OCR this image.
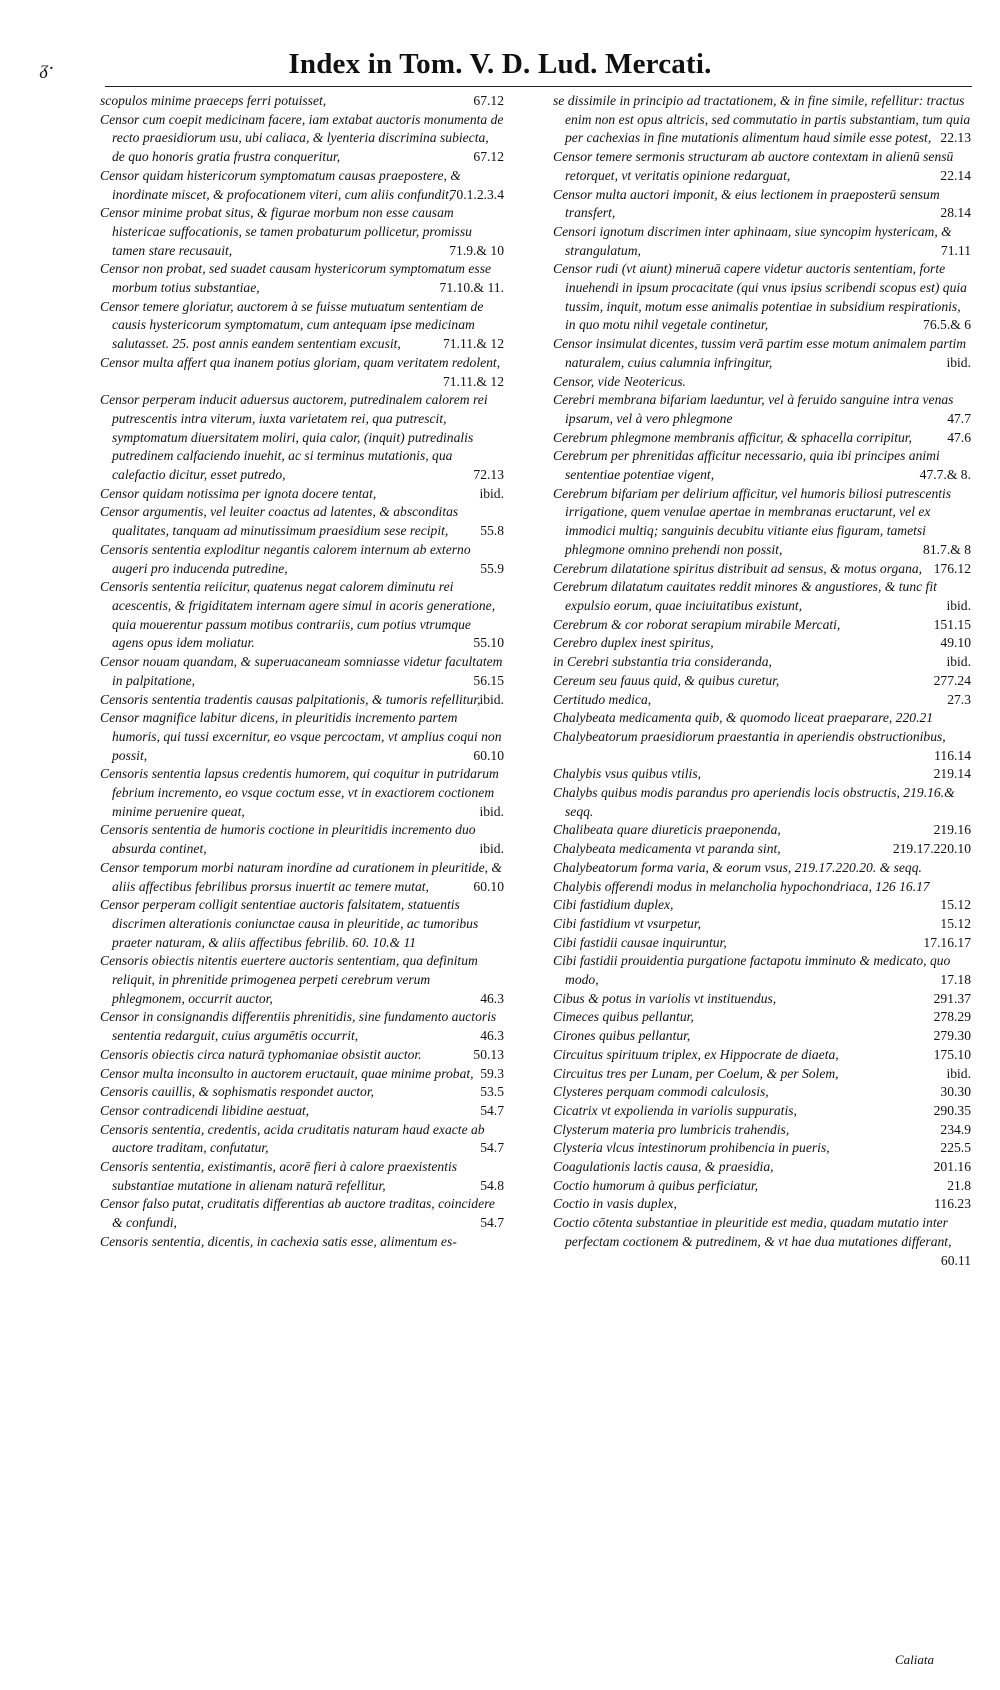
ᵹ·	Index in Tom. V. D. Lud. Mercati.

scopulos minime praeceps ferri potuisset,	67.12

Censor cum coepit medicinam facere, iam extabat auctoris monumenta de recto praesidiorum usu, ubi caliaca, & lyenteria discrimina subiecta, de quo honoris gratia frustra conqueritur,	67.12

Censor quidam histericorum symptomatum causas praepostere, & inordinate miscet, & profocationem viteri, cum aliis confundit,
70.1.2.3.4

Censor minime probat situs, & figurae morbum non esse causam histericae suffocationis, se tamen probaturum pollicetur, promissu tamen stare recusauit,	71.9.& 10

Censor non probat, sed suadet causam hystericorum symptomatum esse morbum totius substantiae,	71.10.& 11.

Censor temere gloriatur, auctorem à se fuisse mutuatum sententiam de causis hystericorum symptomatum, cum antequam ipse medicinam salutasset. 25. post annis eandem sententiam excusit,	71.11.& 12

Censor multa affert qua inanem potius gloriam, quam veritatem redolent,
71.11.& 12

Censor perperam inducit aduersus auctorem, putredinalem calorem rei putrescentis intra viterum, iuxta varietatem rei, qua putrescit, symptomatum diuersitatem moliri, quia calor, (inquit) putredinalis putredinem calfaciendo inuehit, ac si terminus mutationis, qua calefactio dicitur, esset putredo,	72.13

Censor quidam notissima per ignota docere tentat,	ibid.

Censor argumentis, vel leuiter coactus ad latentes, & absconditas qualitates, tanquam ad minutissimum praesidium sese recipit, 55.8

Censoris sententia exploditur negantis calorem internum ab externo augeri pro inducenda putredine,	55.9

Censoris sententia reiicitur, quatenus negat calorem diminutu rei acescentis, & frigiditatem internam agere simul in acoris generatione, quia mouerentur passum motibus contrariis, cum potius vtrumque agens opus idem moliatur.	55.10

Censor nouam quandam, & superuacaneam somniasse videtur facultatem in palpitatione,	56.15

Censoris sententia tradentis causas palpitationis, & tumoris refellitur,
ibid.

Censor magnifice labitur dicens, in pleuritidis incremento partem humoris, qui tussi excernitur, eo vsque percoctam, vt amplius coqui non possit,	60.10

Censoris sententia lapsus credentis humorem, qui coquitur in putridarum febrium incremento, eo vsque coctum esse, vt in exactiorem coctionem minime peruenire queat,	ibid.

Censoris sententia de humoris coctione in pleuritidis incremento duo absurda continet,	ibid.

Censor temporum morbi naturam inordine ad curationem in pleuritide, & aliis affectibus febrilibus prorsus inuertit ac temere mutat,	60.10

Censor perperam colligit sententiae auctoris falsitatem, statuentis discrimen alterationis coniunctae causa in pleuritide, ac tumoribus praeter naturam, & aliis affectibus febrilib. 60. 10.& 11

Censoris obiectis nitentis euertere auctoris sententiam, qua definitum reliquit, in phrenitide primogenea perpeti cerebrum verum phlegmonem, occurrit auctor,	46.3

Censor in consignandis differentiis phrenitidis, sine fundamento auctoris sententia redarguit, cuius argumētis occurrit,	46.3

Censoris obiectis circa naturā typhomaniae obsistit auctor.	50.13

Censor multa inconsulto in auctorem eructauit, quae minime probat, 59.3

Censoris cauillis, & sophismatis respondet auctor,	53.5

Censor contradicendi libidine aestuat,	54.7

Censoris sententia, credentis, acida cruditatis naturam haud exacte ab auctore traditam, confutatur,	54.7

Censoris sententia, existimantis, acorē fieri à calore praexistentis substantiae mutatione in alienam naturā refellitur,	54.8

Censor falso putat, cruditatis differentias ab auctore traditas, coincidere & confundi,	54.7

Censoris sententia, dicentis, in cachexia satis esse, alimentum es-

se dissimile in principio ad tractationem, & in fine simile, refellitur: tractus enim non est opus altricis, sed commutatio in partis substantiam, tum quia per cachexias in fine mutationis alimentum haud simile esse potest, 22.13

Censor temere sermonis structuram ab auctore contextam in alienū sensū retorquet, vt veritatis opinione redarguat,	22.14

Censor multa auctori imponit, & eius lectionem in praeposterū sensum transfert,	28.14

Censori ignotum discrimen inter aphinaam, siue syncopim hystericam, & strangulatum,	71.11

Censor rudi (vt aiunt) mineruā capere videtur auctoris sententiam, forte inuehendi in ipsum procacitate (qui vnus ipsius scribendi scopus est) quia tussim, inquit, motum esse animalis potentiae in subsidium respirationis, in quo motu nihil vegetale continetur,	76.5.& 6

Censor insimulat dicentes, tussim verā partim esse motum animalem partim naturalem, cuius calumnia infringitur,	ibid.

Censor, vide Neotericus.

Cerebri membrana bifariam laeduntur, vel à feruido sanguine intra venas ipsarum, vel à vero phlegmone	47.7

Cerebrum phlegmone membranis afficitur, & sphacella corripitur,	47.6

Cerebrum per phrenitidas afficitur necessario, quia ibi principes animi sententiae potentiae vigent,	47.7.& 8.

Cerebrum bifariam per delirium afficitur, vel humoris biliosi putrescentis irrigatione, quem venulae apertae in membranas eructarunt, vel ex immodici multiq; sanguinis decubitu vitiante eius figuram, tametsi phlegmone omnino prehendi non possit,	81.7.& 8

Cerebrum dilatatione spiritus distribuit ad sensus, & motus organa, 176.12

Cerebrum dilatatum cauitates reddit minores & angustiores, & tunc fit expulsio eorum, quae inciuitatibus existunt,	ibid.

Cerebrum & cor roborat serapium mirabile Mercati,	151.15

Cerebro duplex inest spiritus,	49.10

in Cerebri substantia tria consideranda,	ibid.

Cereum seu fauus quid, & quibus curetur,	277.24

Certitudo medica,	27.3

Chalybeata medicamenta quib, & quomodo liceat praeparare, 220.21

Chalybeatorum praesidiorum praestantia in aperiendis obstructionibus,
116.14

Chalybis vsus quibus vtilis,	219.14

Chalybs quibus modis parandus pro aperiendis locis obstructis, 219.16.& seqq.

Chalibeata quare diureticis praeponenda,	219.16

Chalybeata medicamenta vt paranda sint,	219.17.220.10

Chalybeatorum forma varia, & eorum vsus, 219.17.220.20. & seqq.

Chalybis offerendi modus in melancholia hypochondriaca, 126 16.17

Cibi fastidium duplex,	15.12

Cibi fastidium vt vsurpetur,	15.12

Cibi fastidii causae inquiruntur,	17.16.17

Cibi fastidii prouidentia purgatione factapotu imminuto & medicato, quo modo,	17.18

Cibus & potus in variolis vt instituendus,	291.37

Cimeces quibus pellantur,	278.29

Cirones quibus pellantur,	279.30

Circuitus spirituum triplex, ex Hippocrate de diaeta,	175.10

Circuitus tres per Lunam, per Coelum, & per Solem,	ibid.

Clysteres perquam commodi calculosis,	30.30

Cicatrix vt expolienda in variolis suppuratis,	290.35

Clysterum materia pro lumbricis trahendis,	234.9

Clysteria vlcus intestinorum prohibencia in pueris,	225.5

Coagulationis lactis causa, & praesidia,	201.16

Coctio humorum à quibus perficiatur,	21.8

Coctio in vasis duplex,	116.23

Coctio cōtenta substantiae in pleuritide est media, quadam mutatio inter perfectam coctionem & putredinem, & vt hae dua mutationes differant,
60.11

Caliata
